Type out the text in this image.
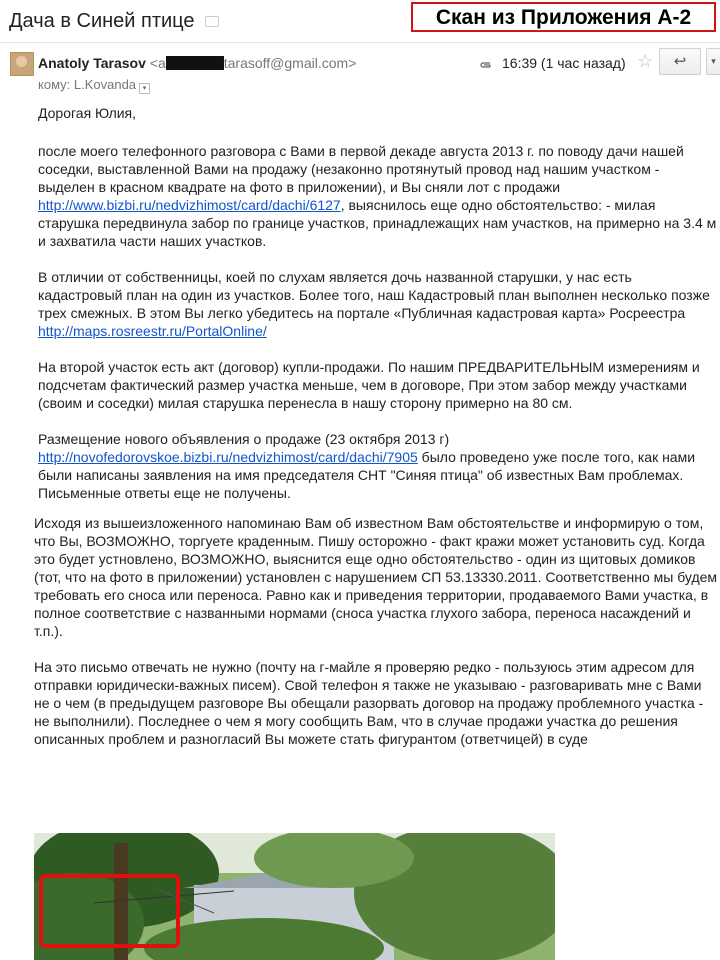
Дача в Синей птице	Скан из Приложения А-2
Anatoly Tarasov <a	tarasoff@gmail.com>	16:39 (1 час назад) ☆	↩	▾
кому: L.Kovanda ▾

Дорогая Юлия,

после моего телефонного разговора с Вами в первой декаде августа 2013 г. по поводу дачи нашей соседки, выставленной Вами на продажу (незаконно протянутый провод над нашим участком - выделен в красном квадрате на фото в приложении), и Вы сняли лот с продажи http://www.bizbi.ru/nedvizhimost/card/dachi/6127, выяснилось еще одно обстоятельство: - милая старушка передвинула забор по границе участков, принадлежащих нам участков, на примерно на 3.4 м и захватила части наших участков.

В отличии от собственницы, коей по слухам является дочь названной старушки, у нас есть кадастровый план на один из участков. Более того, наш Кадастровый план выполнен несколько позже трех смежных. В этом Вы легко убедитесь на портале «Публичная кадастровая карта» Росреестра http://maps.rosreestr.ru/PortalOnline/

На второй участок есть акт (договор) купли-продажи. По нашим ПРЕДВАРИТЕЛЬНЫМ измерениям и подсчетам фактический размер участка меньше, чем в договоре, При этом забор между участками (своим и соседки) милая старушка перенесла в нашу сторону примерно на 80 см.

Размещение нового объявления о продаже (23 октября 2013 г) http://novofedorovskoe.bizbi.ru/nedvizhimost/card/dachi/7905 было проведено уже после того, как нами были написаны заявления на имя председателя СНТ "Синяя птица" об известных Вам проблемах. Письменные ответы еще не получены.

Исходя из вышеизложенного напоминаю Вам об известном Вам обстоятельстве и информирую о том, что Вы, ВОЗМОЖНО, торгуете краденным. Пишу осторожно - факт кражи может установить суд. Когда это будет устновлено, ВОЗМОЖНО, выяснится еще одно обстоятельство - один из щитовых домиков (тот, что на фото в приложении) установлен с нарушением СП 53.13330.2011. Соответственно мы будем требовать его сноса или переноса. Равно как и приведения территории, продаваемого Вами участка, в полное соответствие с названными нормами (сноса участка глухого забора, переноса насаждений и т.п.).

На это письмо отвечать не нужно (почту на г-майле я проверяю редко - пользуюсь этим адресом для отправки юридически-важных писем). Свой телефон я также не указываю - разговаривать мне с Вами не о чем (в предыдущем разговоре Вы обещали разорвать договор на продажу проблемного участка - не выполнили). Последнее о чем я могу сообщить Вам, что в случае продажи участка до решения описанных проблем и разногласий Вы можете стать фигурантом (ответчицей) в суде
